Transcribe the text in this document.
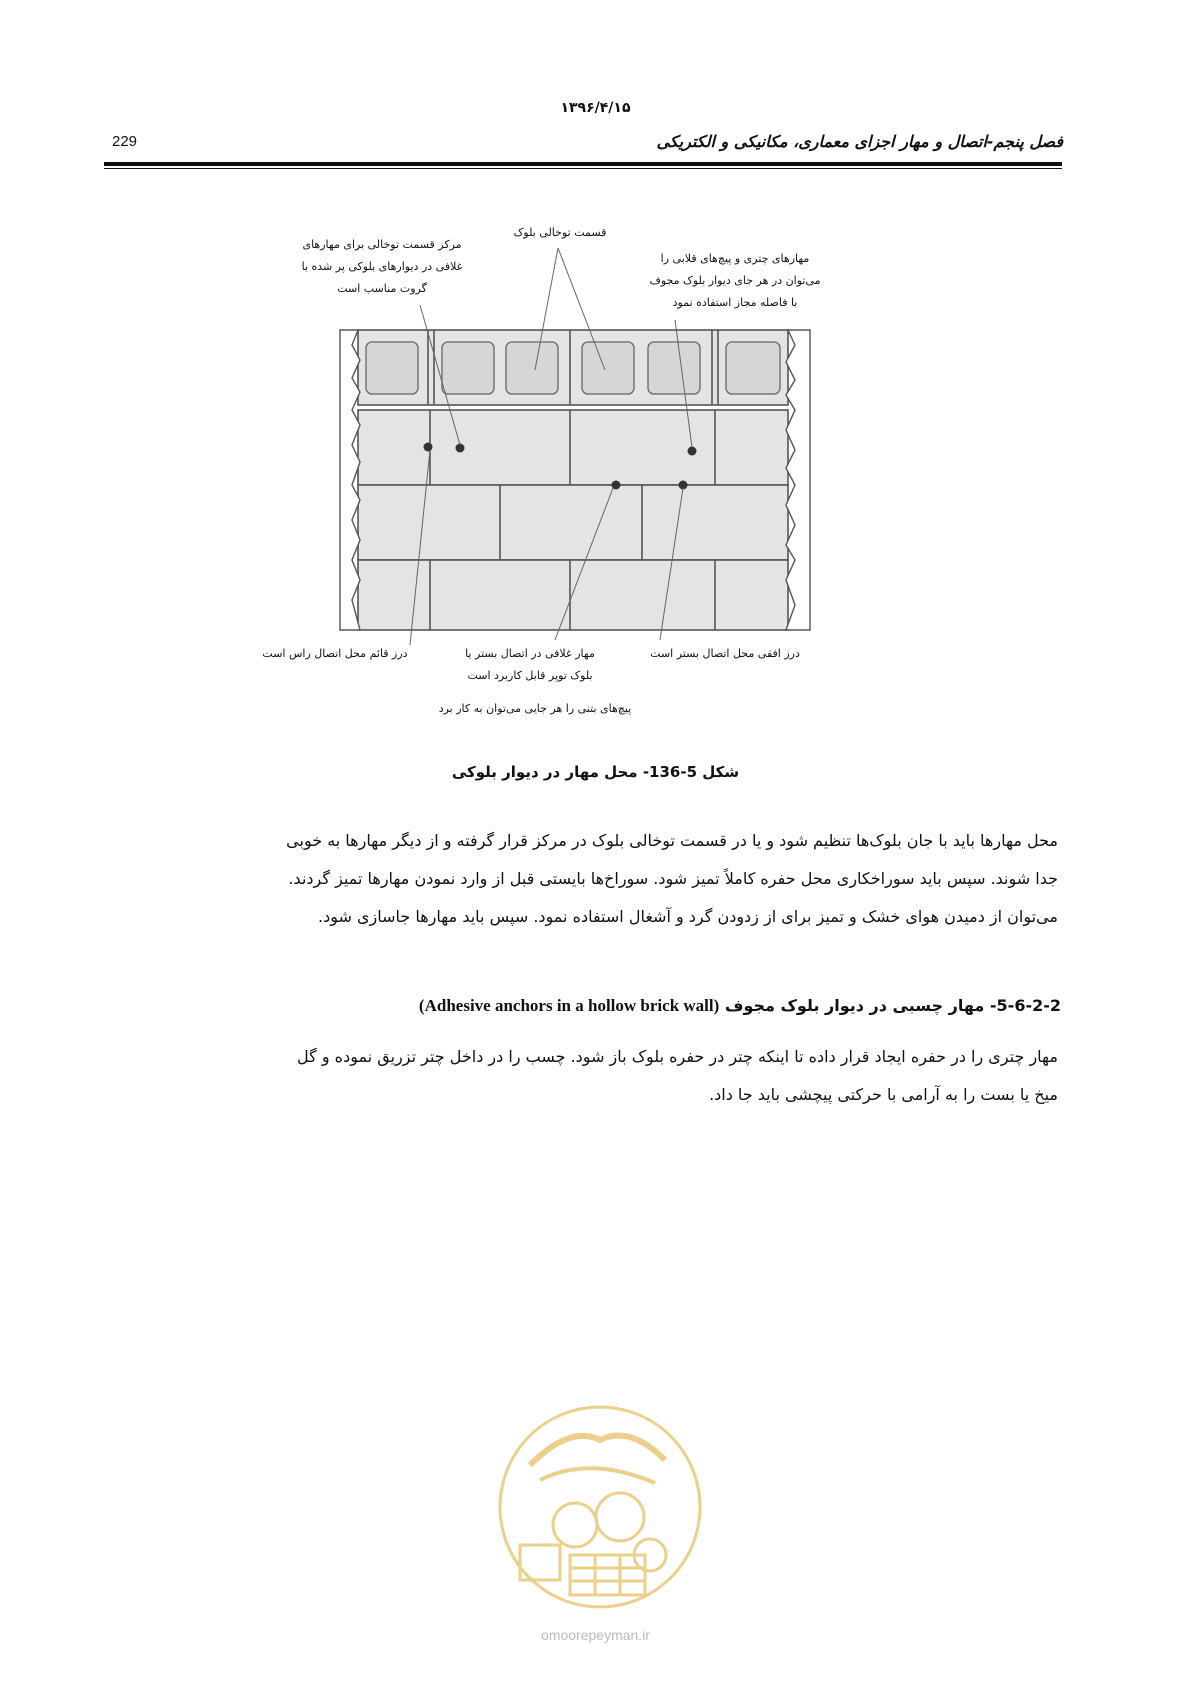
۱۳۹۶/۴/۱۵
229	فصل پنجم-اتصال و مهار اجزای معماری، مکانیکی و الکتریکی
مرکز قسمت توخالی برای مهارهای
غلافی در دیوارهای بلوکی پر شده با
گروت مناسب است
قسمت توخالی بلوک
مهارهای چتری و پیچ‌های قلابی را
می‌توان در هر جای دیوار بلوک مجوف
با فاصله مجاز استفاده نمود
درز قائم محل اتصال راس است	مهار غلافی در اتصال بستر یا
بلوک توپر قابل کاربرد است
درز افقی محل اتصال بستر است
پیچ‌های بتنی را هر جایی می‌توان به کار برد
شکل 5-136- محل مهار در دیوار بلوکی
محل مهارها باید با جان بلوک‌ها تنظیم شود و یا در قسمت توخالی بلوک در مرکز قرار گرفته و از دیگر مهارها به خوبی
جدا شوند. سپس باید سوراخکاری محل حفره کاملاً تمیز شود. سوراخ‌ها بایستی قبل از وارد نمودن مهارها تمیز گردند.
می‌توان از دمیدن هوای خشک و تمیز برای از زدودن گرد و آشغال استفاده نمود. سپس باید مهارها جاسازی شود.
5-6-2-2- مهار چسبی در دیوار بلوک مجوف (Adhesive anchors in a hollow brick wall)
مهار چتری را در حفره ایجاد قرار داده تا اینکه چتر در حفره بلوک باز شود. چسب را در داخل چتر تزریق نموده و گل
میخ یا بست را به آرامی با حرکتی پیچشی باید جا داد.
omoorepeyman.ir
